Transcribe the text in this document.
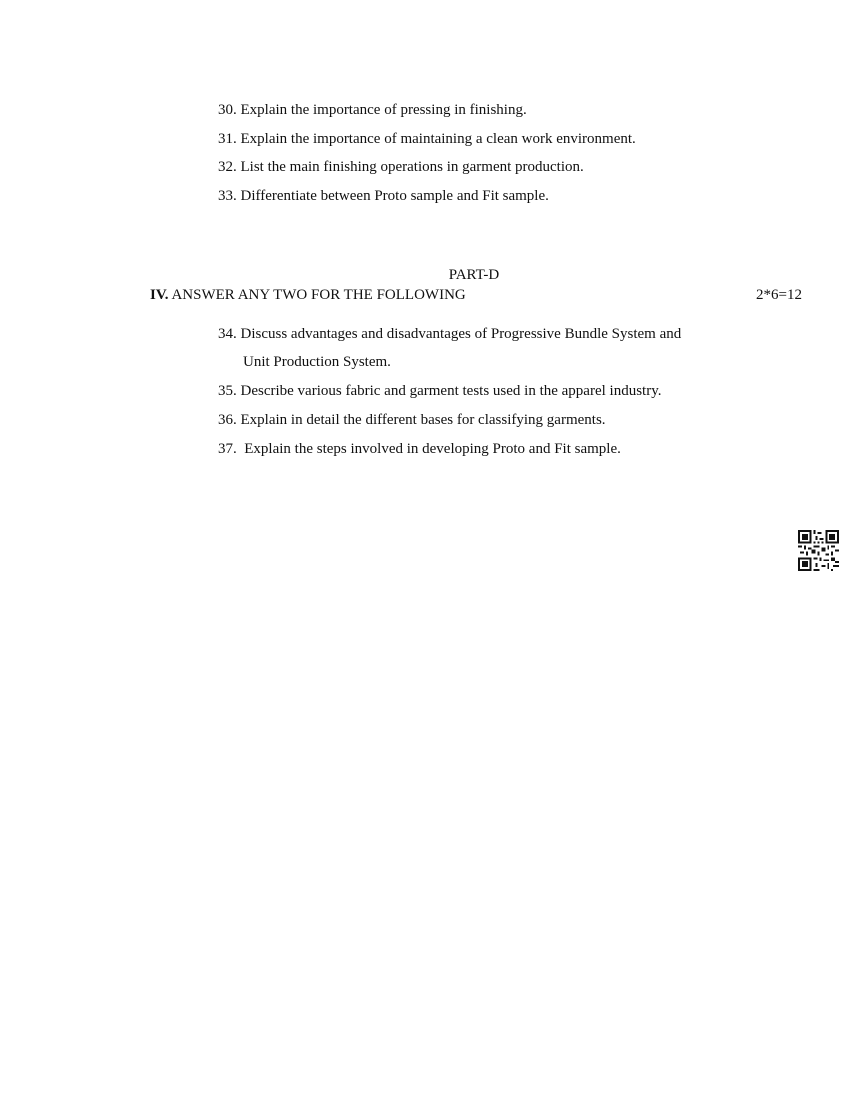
30. Explain the importance of pressing in finishing.
31. Explain the importance of maintaining a clean work environment.
32. List the main finishing operations in garment production.
33. Differentiate between Proto sample and Fit sample.
PART-D
IV. ANSWER ANY TWO FOR THE FOLLOWING	2*6=12
34. Discuss advantages and disadvantages of Progressive Bundle System and
Unit Production System.
35. Describe various fabric and garment tests used in the apparel industry.
36. Explain in detail the different bases for classifying garments.
37.  Explain the steps involved in developing Proto and Fit sample.
